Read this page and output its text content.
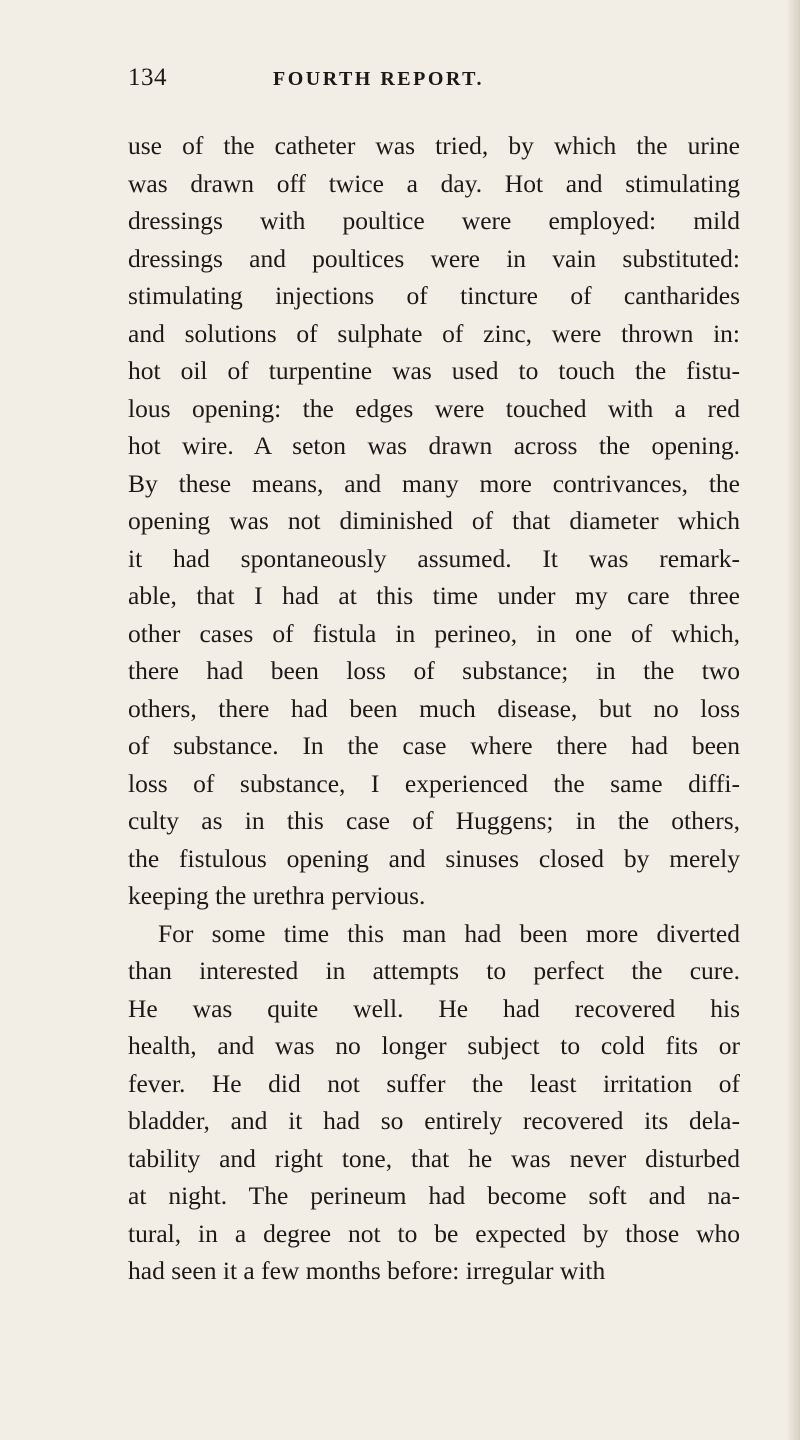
134	FOURTH REPORT.
use of the catheter was tried, by which the urine
was drawn off twice a day. Hot and stimulating
dressings with poultice were employed: mild
dressings and poultices were in vain substituted:
stimulating injections of tincture of cantharides
and solutions of sulphate of zinc, were thrown in:
hot oil of turpentine was used to touch the fistu-
lous opening: the edges were touched with a red
hot wire. A seton was drawn across the opening.
By these means, and many more contrivances, the
opening was not diminished of that diameter which
it had spontaneously assumed. It was remark-
able, that I had at this time under my care three
other cases of fistula in perineo, in one of which,
there had been loss of substance; in the two
others, there had been much disease, but no loss
of substance. In the case where there had been
loss of substance, I experienced the same diffi-
culty as in this case of Huggens; in the others,
the fistulous opening and sinuses closed by merely
keeping the urethra pervious.
For some time this man had been more diverted
than interested in attempts to perfect the cure.
He was quite well. He had recovered his
health, and was no longer subject to cold fits or
fever. He did not suffer the least irritation of
bladder, and it had so entirely recovered its dela-
tability and right tone, that he was never disturbed
at night. The perineum had become soft and na-
tural, in a degree not to be expected by those who
had seen it a few months before: irregular with
